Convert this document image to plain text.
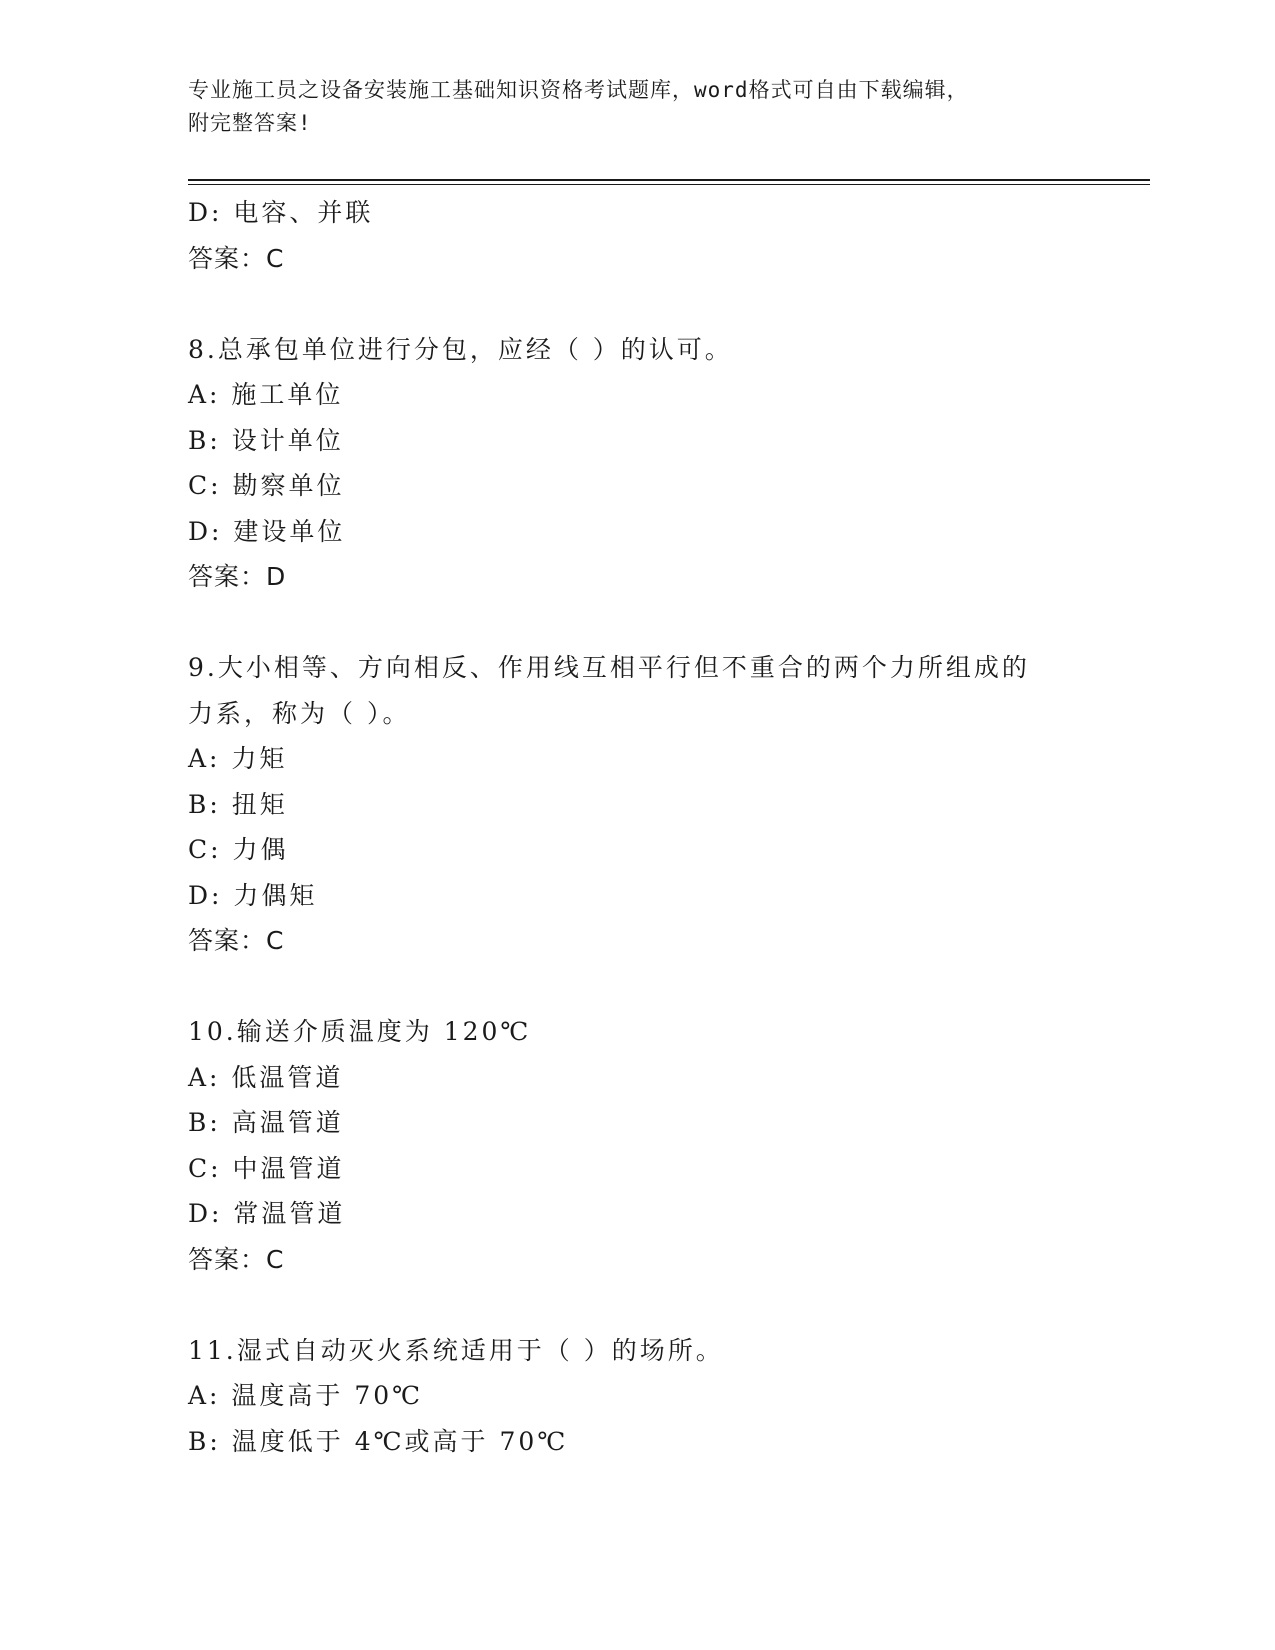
专业施工员之设备安装施工基础知识资格考试题库，word格式可自由下载编辑，
附完整答案!
D: 电容、并联
答案：C
8.总承包单位进行分包，应经（ ）的认可。
A: 施工单位
B: 设计单位
C: 勘察单位
D: 建设单位
答案：D
9.大小相等、方向相反、作用线互相平行但不重合的两个力所组成的
力系，称为（ ）。
A: 力矩
B: 扭矩
C: 力偶
D: 力偶矩
答案：C
10.输送介质温度为 120℃
A: 低温管道
B: 高温管道
C: 中温管道
D: 常温管道
答案：C
11.湿式自动灭火系统适用于（ ）的场所。
A: 温度高于 70℃
B: 温度低于 4℃或高于 70℃
